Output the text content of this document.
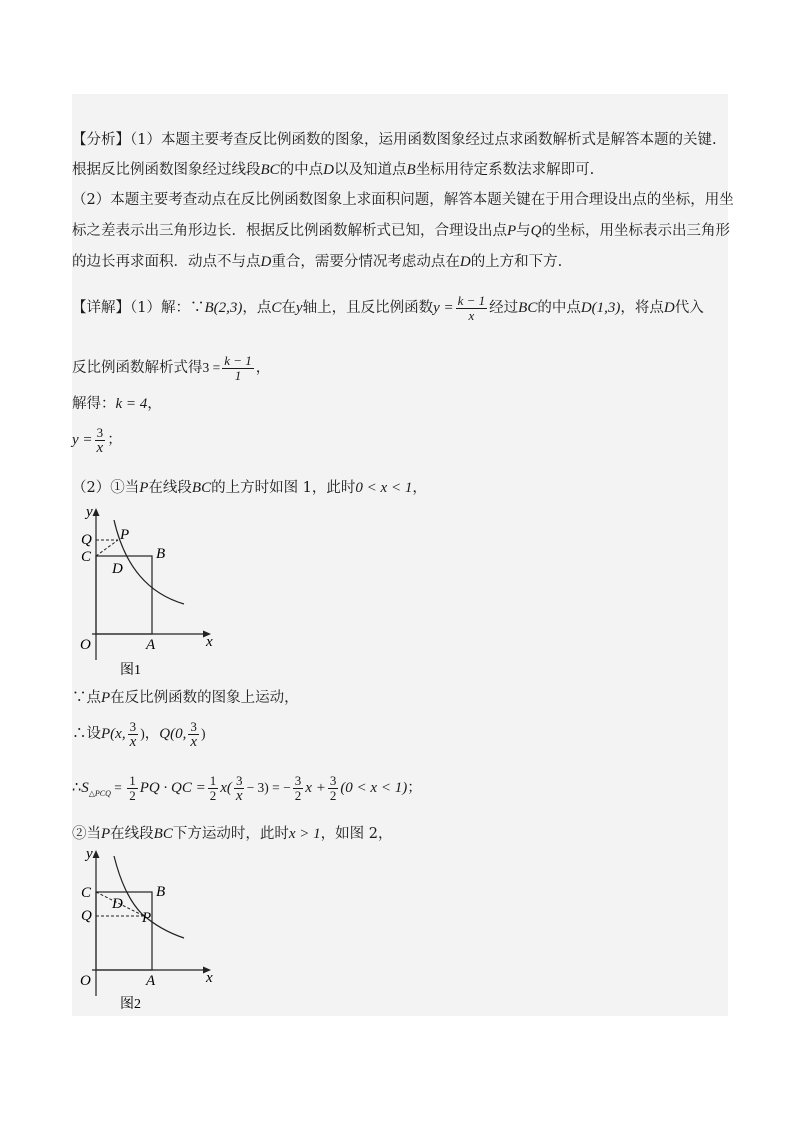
【分析】（1）本题主要考查反比例函数的图象，运用函数图象经过点求函数解析式是解答本题的关键.
根据反比例函数图象经过线段BC的中点D以及知道点B坐标用待定系数法求解即可.
（2）本题主要考查动点在反比例函数图象上求面积问题，解答本题关键在于用合理设出点的坐标，用坐
标之差表示出三角形边长．根据反比例函数解析式已知，合理设出点P与Q的坐标，用坐标表示出三角形
的边长再求面积．动点不与点D重合，需要分情况考虑动点在D的上方和下方.
【详解】（1）解：∵B(2,3)，点C在y轴上，且反比例函数$y = \frac{k - 1}{x}$ 经过BC的中点D(1,3)，将点D代入
反比例函数解析式得$3 = \frac{k - 1}{1}$ ，
解得：k = 4，
$y = \frac{3}{x}$ ；
（2）①当P在线段BC的上方时如图 1，此时0 < x < 1，
y
x
O	A
B
C
D
P
Q
图1
∵点P在反比例函数的图象上运动，
∴设P(x, $\frac{3}{x}$ )，Q(0, $\frac{3}{x}$ )
$\therefore S_{\triangle PCQ} = \frac{1}{2}$ PQ · QC = $\frac{1}{2} x( \frac{3}{x} - 3)$ = − $\frac{3}{2}$ $x + \frac{3}{2} (0 < x < 1)$；
②当P在线段BC下方运动时，此时x > 1，如图 2，
y
x
O	A
B
C
D
P
Q
图2
